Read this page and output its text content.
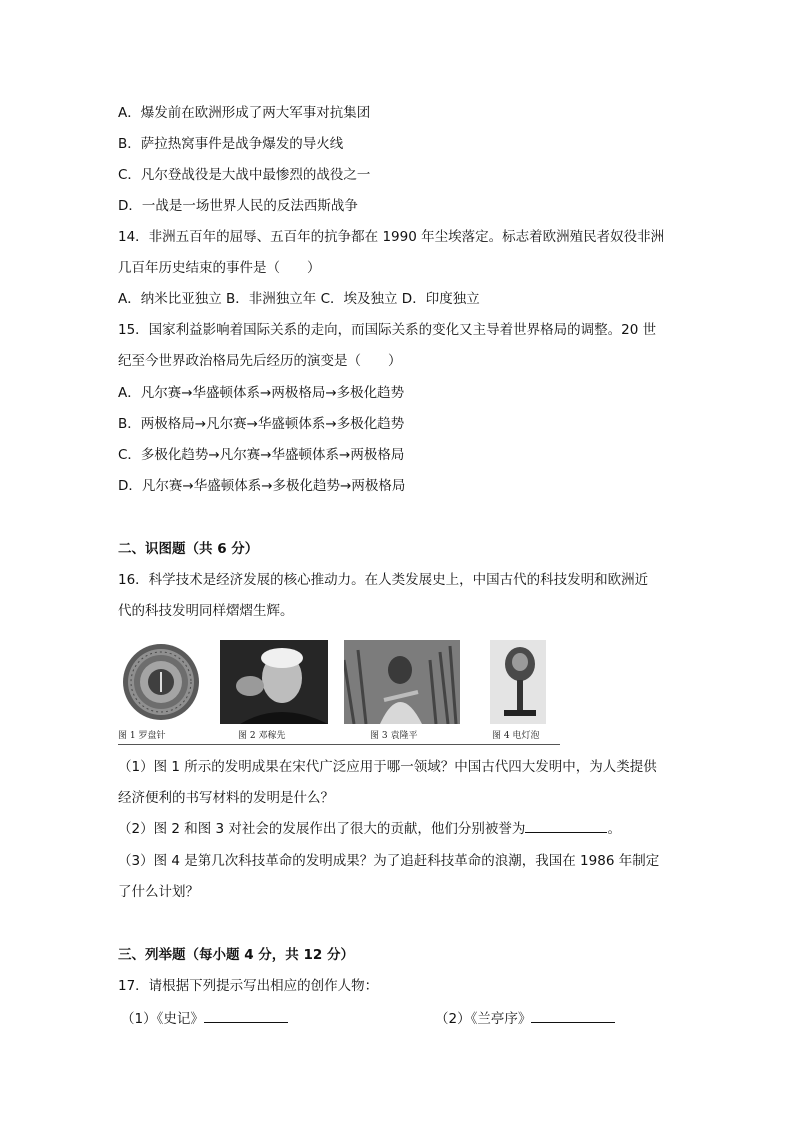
A．爆发前在欧洲形成了两大军事对抗集团
B．萨拉热窝事件是战争爆发的导火线
C．凡尔登战役是大战中最惨烈的战役之一
D．一战是一场世界人民的反法西斯战争
14．非洲五百年的屈辱、五百年的抗争都在 1990 年尘埃落定。标志着欧洲殖民者奴役非洲
几百年历史结束的事件是（　　）
A．纳米比亚独立 B．非洲独立年 C．埃及独立 D．印度独立
15．国家利益影响着国际关系的走向，而国际关系的变化又主导着世界格局的调整。20 世
纪至今世界政治格局先后经历的演变是（　　）
A．凡尔赛→华盛顿体系→两极格局→多极化趋势
B．两极格局→凡尔赛→华盛顿体系→多极化趋势
C．多极化趋势→凡尔赛→华盛顿体系→两极格局
D．凡尔赛→华盛顿体系→多极化趋势→两极格局
二、识图题（共 6 分）
16．科学技术是经济发展的核心推动力。在人类发展史上，中国古代的科技发明和欧洲近
代的科技发明同样熠熠生辉。
图 1 罗盘针	图 2 邓稼先	图 3 袁隆平	图 4 电灯泡
（1）图 1 所示的发明成果在宋代广泛应用于哪一领域？中国古代四大发明中，为人类提供
经济便利的书写材料的发明是什么？
（2）图 2 和图 3 对社会的发展作出了很大的贡献，他们分别被誉为	。
（3）图 4 是第几次科技革命的发明成果？为了追赶科技革命的浪潮，我国在 1986 年制定
了什么计划？
三、列举题（每小题 4 分，共 12 分）
17．请根据下列提示写出相应的创作人物：
（1）《史记》	（2）《兰亭序》
